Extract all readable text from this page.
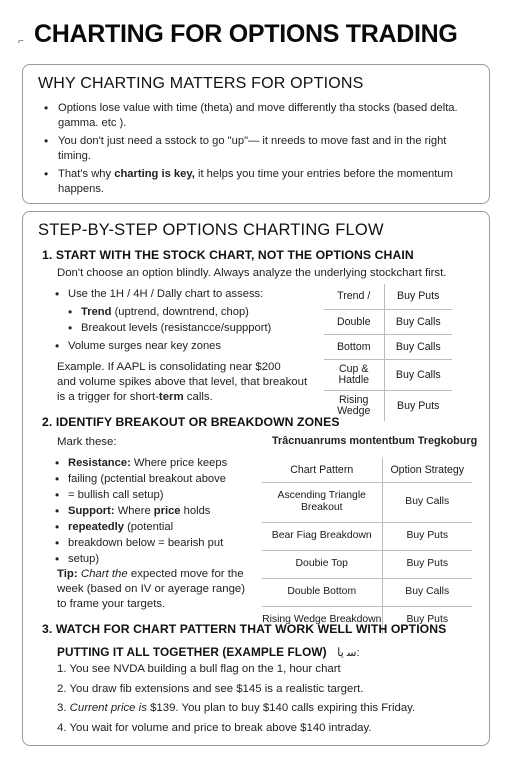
⌐ CHARTING FOR OPTIONS TRADING
WHY CHARTING MATTERS FOR OPTIONS
• Options lose value with time (theta) and move differently tha stocks (based delta. gamma. etc ).
• You don't just need a sstock to go "up"— it nreeds to move fast and in the right timing.
• That's why charting is key, it helps you time your entries before the momentum happens.
STEP-BY-STEP OPTIONS CHARTING FLOW
1. START WITH THE STOCK CHART, NOT THE OPTIONS CHAIN
Don't choose an option blindly. Always analyze the underlying stockchart first.
• Use the 1H / 4H / Dally chart to assess:
• Trend (uptrend, downtrend, chop)
• Breakout levels (resistancce/suppport)
• Volume surges near key zones
Example. If AAPL is consolidating near $200
and volume spikes above that level, that breakout
is a trigger for short-term calls.
Trend /	Buy Puts
Double	Buy Calls
Bottom	Buy Calls
Cup & Hatdle	Buy Calls
Rising Wedge	Buy Puts
2. IDENTIFY BREAKOUT OR BREAKDOWN ZONES
Mark these:
• Resistance: Where price keeps
• failing (pctential breakout above
• = bullish call setup)
• Support: Where price holds
• repeatedly (potential
• breakdown below = bearish put
• setup)
Tip: Chart the expected move for the
week (based on IV or ayerage range)
to frame your targets.
Trâcnuanrums montentbum Tregkoburg
Chart Pattern	Option Strategy
Ascending Triangle Breakout	Buy Calls
Bear Fiag Breakdown	Buy Puts
Doubie Top	Buy Puts
Double Bottom	Buy Calls
Rising Wedge Breakdown	Buy Puts
3. WATCH FOR CHART PATTERN THAT WORK WELL WITH OPTIONS
PUTTING IT ALL TOGETHER (EXAMPLE FLOW) ﺳ ﯾﺎ:
1. You see NVDA building a bull flag on the 1, hour chart
2. You draw fib extensions and see $145 is a realistic targert.
3. Current price is $139. You plan to buy $140 calls expiring this Friday.
4. You wait for volume and price to break above $140 intraday.
